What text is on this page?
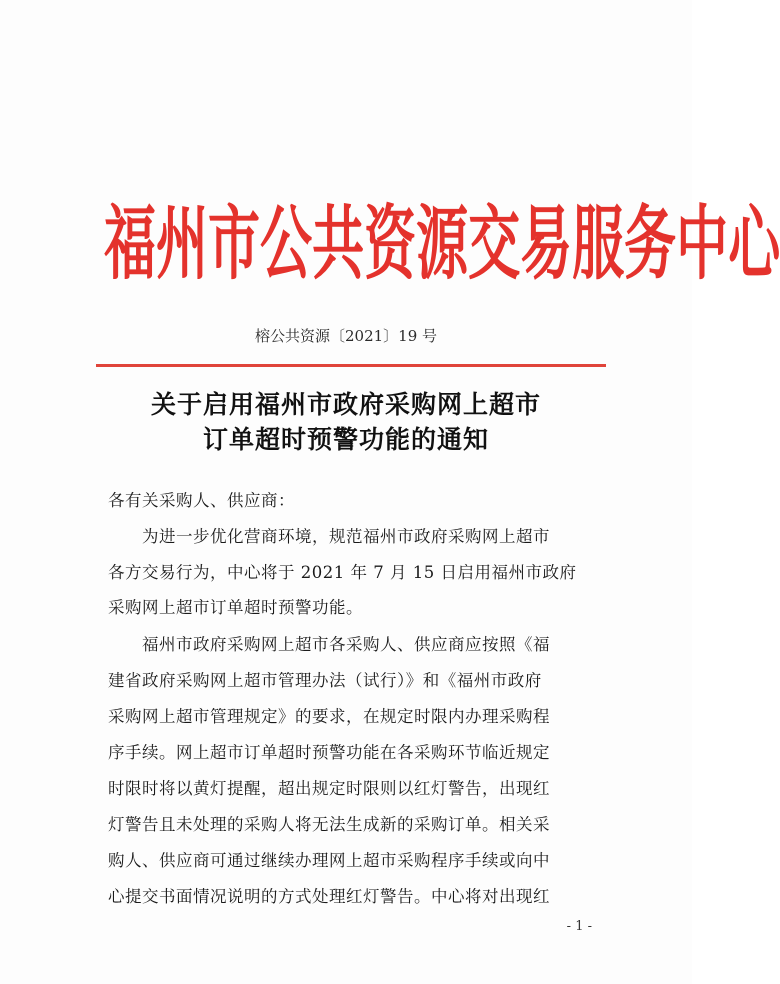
福 州 市 公 共 资 源 交 易 服 务 中 心
榕公共资源〔2021〕19 号
关于启用福州市政府采购网上超市
订单超时预警功能的通知
各有关采购人、供应商：
　　为进一步优化营商环境，规范福州市政府采购网上超市
各方交易行为，中心将于 2021 年 7 月 15 日启用福州市政府
采购网上超市订单超时预警功能。
　　福州市政府采购网上超市各采购人、供应商应按照《福
建省政府采购网上超市管理办法（试行）》和《福州市政府
采购网上超市管理规定》的要求，在规定时限内办理采购程
序手续。网上超市订单超时预警功能在各采购环节临近规定
时限时将以黄灯提醒，超出规定时限则以红灯警告，出现红
灯警告且未处理的采购人将无法生成新的采购订单。相关采
购人、供应商可通过继续办理网上超市采购程序手续或向中
心提交书面情况说明的方式处理红灯警告。中心将对出现红
- 1 -
